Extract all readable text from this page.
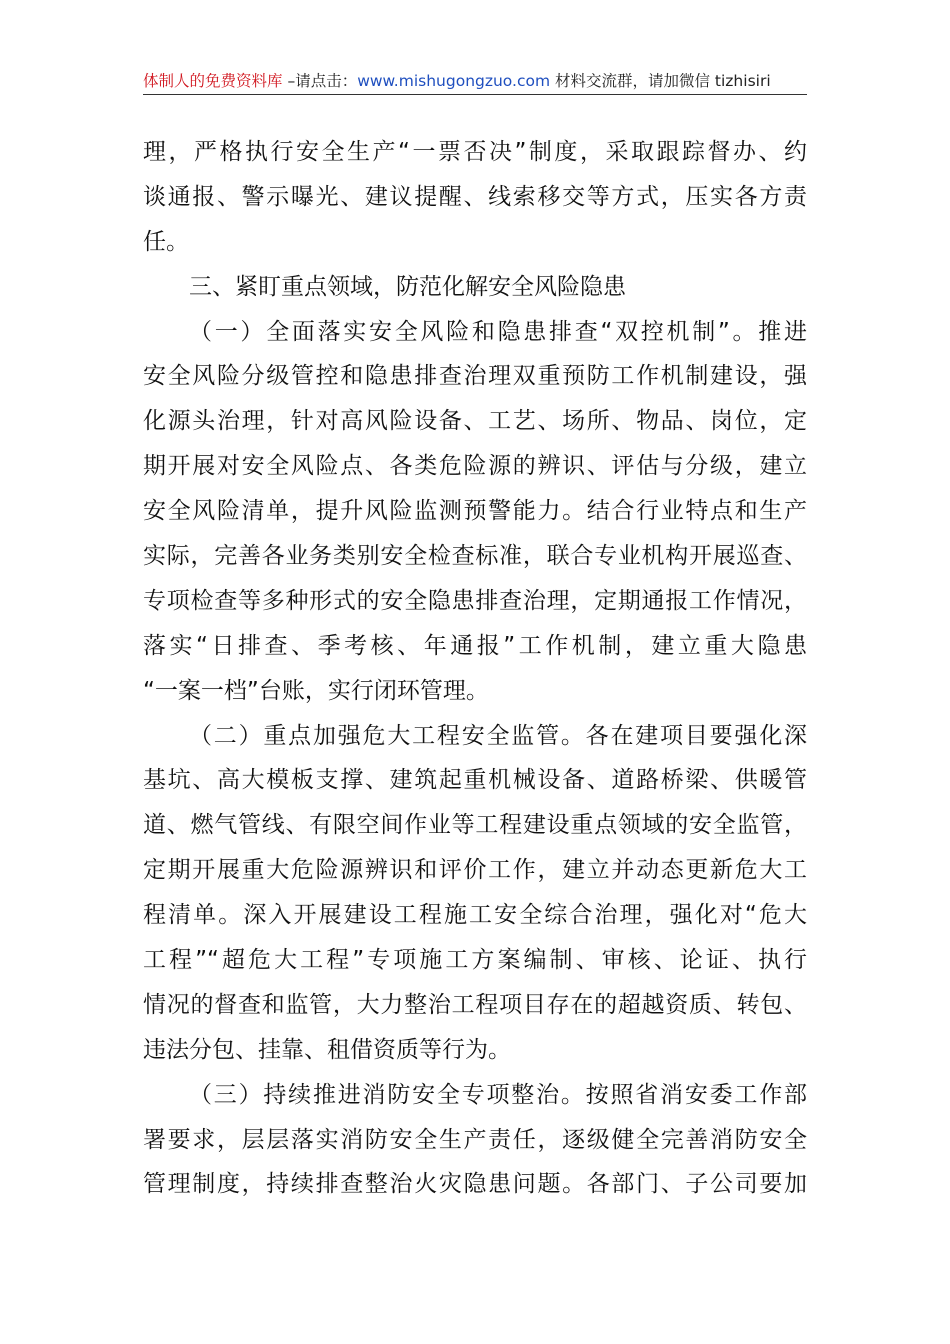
体制人的免费资料库 –请点击：www.mishugongzuo.com 材料交流群，请加微信 tizhisiri
理，严格执行安全生产“一票否决”制度，采取跟踪督办、约
谈通报、警示曝光、建议提醒、线索移交等方式，压实各方责
任。
三、紧盯重点领域，防范化解安全风险隐患
（一）全面落实安全风险和隐患排查“双控机制”。推进
安全风险分级管控和隐患排查治理双重预防工作机制建设，强
化源头治理，针对高风险设备、工艺、场所、物品、岗位，定
期开展对安全风险点、各类危险源的辨识、评估与分级，建立
安全风险清单，提升风险监测预警能力。结合行业特点和生产
实际，完善各业务类别安全检查标准，联合专业机构开展巡查、
专项检查等多种形式的安全隐患排查治理，定期通报工作情况，
落实“日排查、季考核、年通报”工作机制，建立重大隐患
“一案一档”台账，实行闭环管理。
（二）重点加强危大工程安全监管。各在建项目要强化深
基坑、高大模板支撑、建筑起重机械设备、道路桥梁、供暖管
道、燃气管线、有限空间作业等工程建设重点领域的安全监管，
定期开展重大危险源辨识和评价工作，建立并动态更新危大工
程清单。深入开展建设工程施工安全综合治理，强化对“危大
工程”“超危大工程”专项施工方案编制、审核、论证、执行
情况的督查和监管，大力整治工程项目存在的超越资质、转包、
违法分包、挂靠、租借资质等行为。
（三）持续推进消防安全专项整治。按照省消安委工作部
署要求，层层落实消防安全生产责任，逐级健全完善消防安全
管理制度，持续排查整治火灾隐患问题。各部门、子公司要加
